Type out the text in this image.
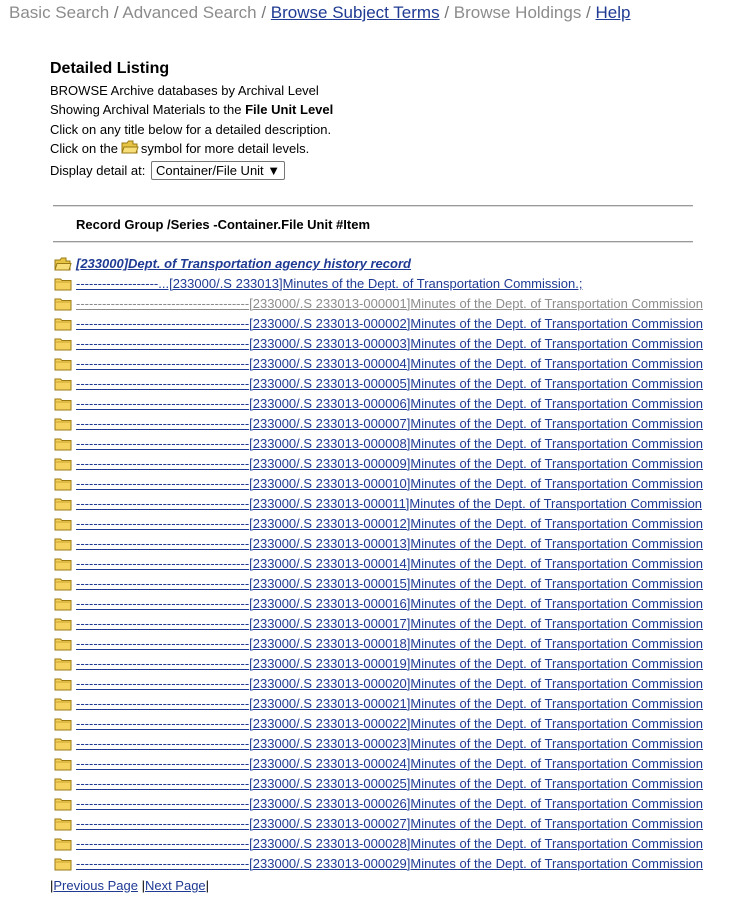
Basic Search / Advanced Search / Browse Subject Terms / Browse Holdings / Help
Detailed Listing
BROWSE Archive databases by Archival Level
Showing Archival Materials to the File Unit Level
Click on any title below for a detailed description.
Click on the symbol for more detail levels.
Display detail at: Container/File Unit ▼
Record Group /Series -Container.File Unit #Item
[233000]Dept. of Transportation agency history record
-------------------...[233000/.S 233013]Minutes of the Dept. of Transportation Commission.;
----------------------------------------[233000/.S 233013-000001]Minutes of the Dept. of Transportation Commission
----------------------------------------[233000/.S 233013-000002]Minutes of the Dept. of Transportation Commission
----------------------------------------[233000/.S 233013-000003]Minutes of the Dept. of Transportation Commission
----------------------------------------[233000/.S 233013-000004]Minutes of the Dept. of Transportation Commission
----------------------------------------[233000/.S 233013-000005]Minutes of the Dept. of Transportation Commission
----------------------------------------[233000/.S 233013-000006]Minutes of the Dept. of Transportation Commission
----------------------------------------[233000/.S 233013-000007]Minutes of the Dept. of Transportation Commission
----------------------------------------[233000/.S 233013-000008]Minutes of the Dept. of Transportation Commission
----------------------------------------[233000/.S 233013-000009]Minutes of the Dept. of Transportation Commission
----------------------------------------[233000/.S 233013-000010]Minutes of the Dept. of Transportation Commission
----------------------------------------[233000/.S 233013-000011]Minutes of the Dept. of Transportation Commission
----------------------------------------[233000/.S 233013-000012]Minutes of the Dept. of Transportation Commission
----------------------------------------[233000/.S 233013-000013]Minutes of the Dept. of Transportation Commission
----------------------------------------[233000/.S 233013-000014]Minutes of the Dept. of Transportation Commission
----------------------------------------[233000/.S 233013-000015]Minutes of the Dept. of Transportation Commission
----------------------------------------[233000/.S 233013-000016]Minutes of the Dept. of Transportation Commission
----------------------------------------[233000/.S 233013-000017]Minutes of the Dept. of Transportation Commission
----------------------------------------[233000/.S 233013-000018]Minutes of the Dept. of Transportation Commission
----------------------------------------[233000/.S 233013-000019]Minutes of the Dept. of Transportation Commission
----------------------------------------[233000/.S 233013-000020]Minutes of the Dept. of Transportation Commission
----------------------------------------[233000/.S 233013-000021]Minutes of the Dept. of Transportation Commission
----------------------------------------[233000/.S 233013-000022]Minutes of the Dept. of Transportation Commission
----------------------------------------[233000/.S 233013-000023]Minutes of the Dept. of Transportation Commission
----------------------------------------[233000/.S 233013-000024]Minutes of the Dept. of Transportation Commission
----------------------------------------[233000/.S 233013-000025]Minutes of the Dept. of Transportation Commission
----------------------------------------[233000/.S 233013-000026]Minutes of the Dept. of Transportation Commission
----------------------------------------[233000/.S 233013-000027]Minutes of the Dept. of Transportation Commission
----------------------------------------[233000/.S 233013-000028]Minutes of the Dept. of Transportation Commission
----------------------------------------[233000/.S 233013-000029]Minutes of the Dept. of Transportation Commission
|Previous Page |Next Page|
